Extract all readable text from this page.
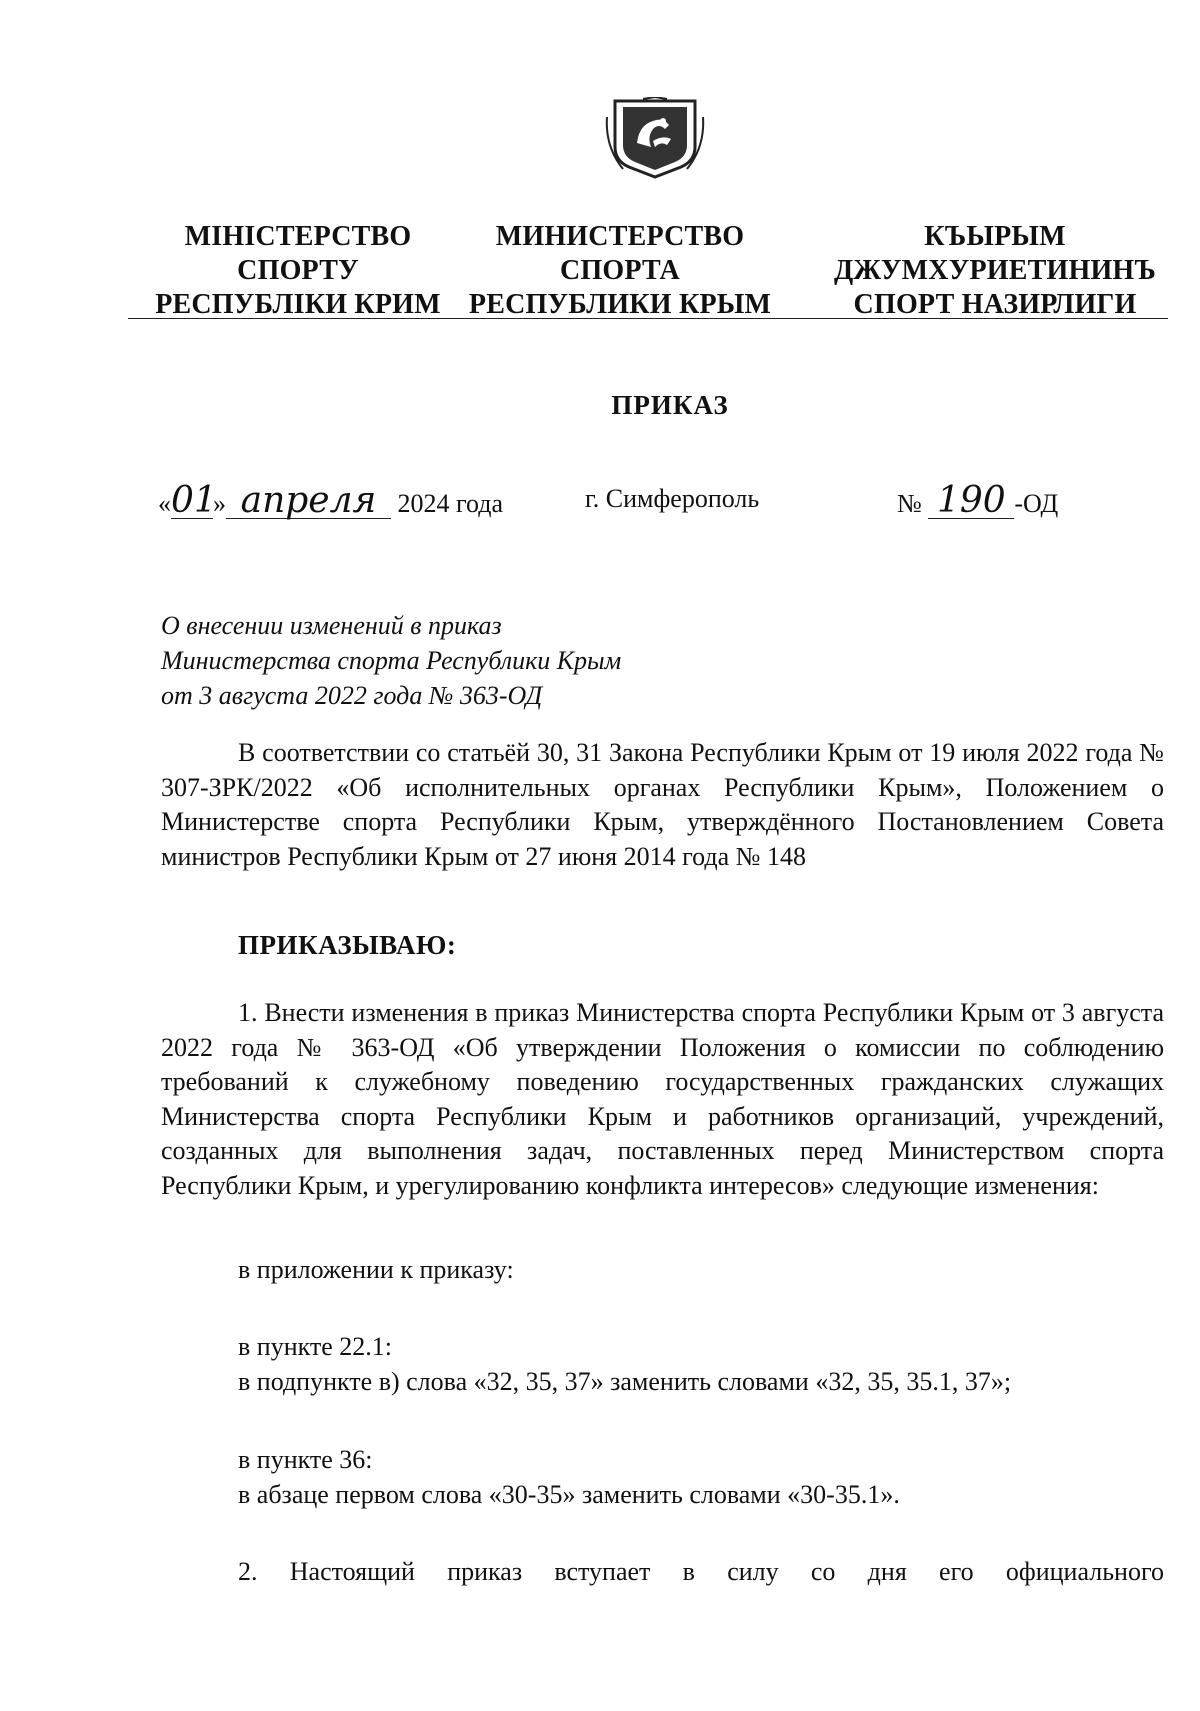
МІНІСТЕРСТВО
СПОРТУ
РЕСПУБЛІКИ КРИМ
МИНИСТЕРСТВО
СПОРТА
РЕСПУБЛИКИ КРЫМ
КЪЫРЫМ
ДЖУМХУРИЕТИНИНЪ
СПОРТ НАЗИРЛИГИ
ПРИКАЗ
«01» апреля 2024 года	г. Симферополь	№ 190 -ОД
О внесении изменений в приказ
Министерства спорта Республики Крым
от 3 августа 2022 года № 363-ОД
В соответствии со статьёй 30, 31 Закона Республики Крым от 19 июля 2022 года № 307-ЗРК/2022 «Об исполнительных органах Республики Крым», Положением о Министерстве спорта Республики Крым, утверждённого Постановлением Совета министров Республики Крым от 27 июня 2014 года № 148
ПРИКАЗЫВАЮ:
1. Внести изменения в приказ Министерства спорта Республики Крым от 3 августа 2022 года № 363-ОД «Об утверждении Положения о комиссии по соблюдению требований к служебному поведению государственных гражданских служащих Министерства спорта Республики Крым и работников организаций, учреждений, созданных для выполнения задач, поставленных перед Министерством спорта Республики Крым, и урегулированию конфликта интересов» следующие изменения:
в приложении к приказу:
в пункте 22.1:
в подпункте в) слова «32, 35, 37» заменить словами «32, 35, 35.1, 37»;
в пункте 36:
в абзаце первом слова «30-35» заменить словами «30-35.1».
2. Настоящий приказ вступает в силу со дня его официального
